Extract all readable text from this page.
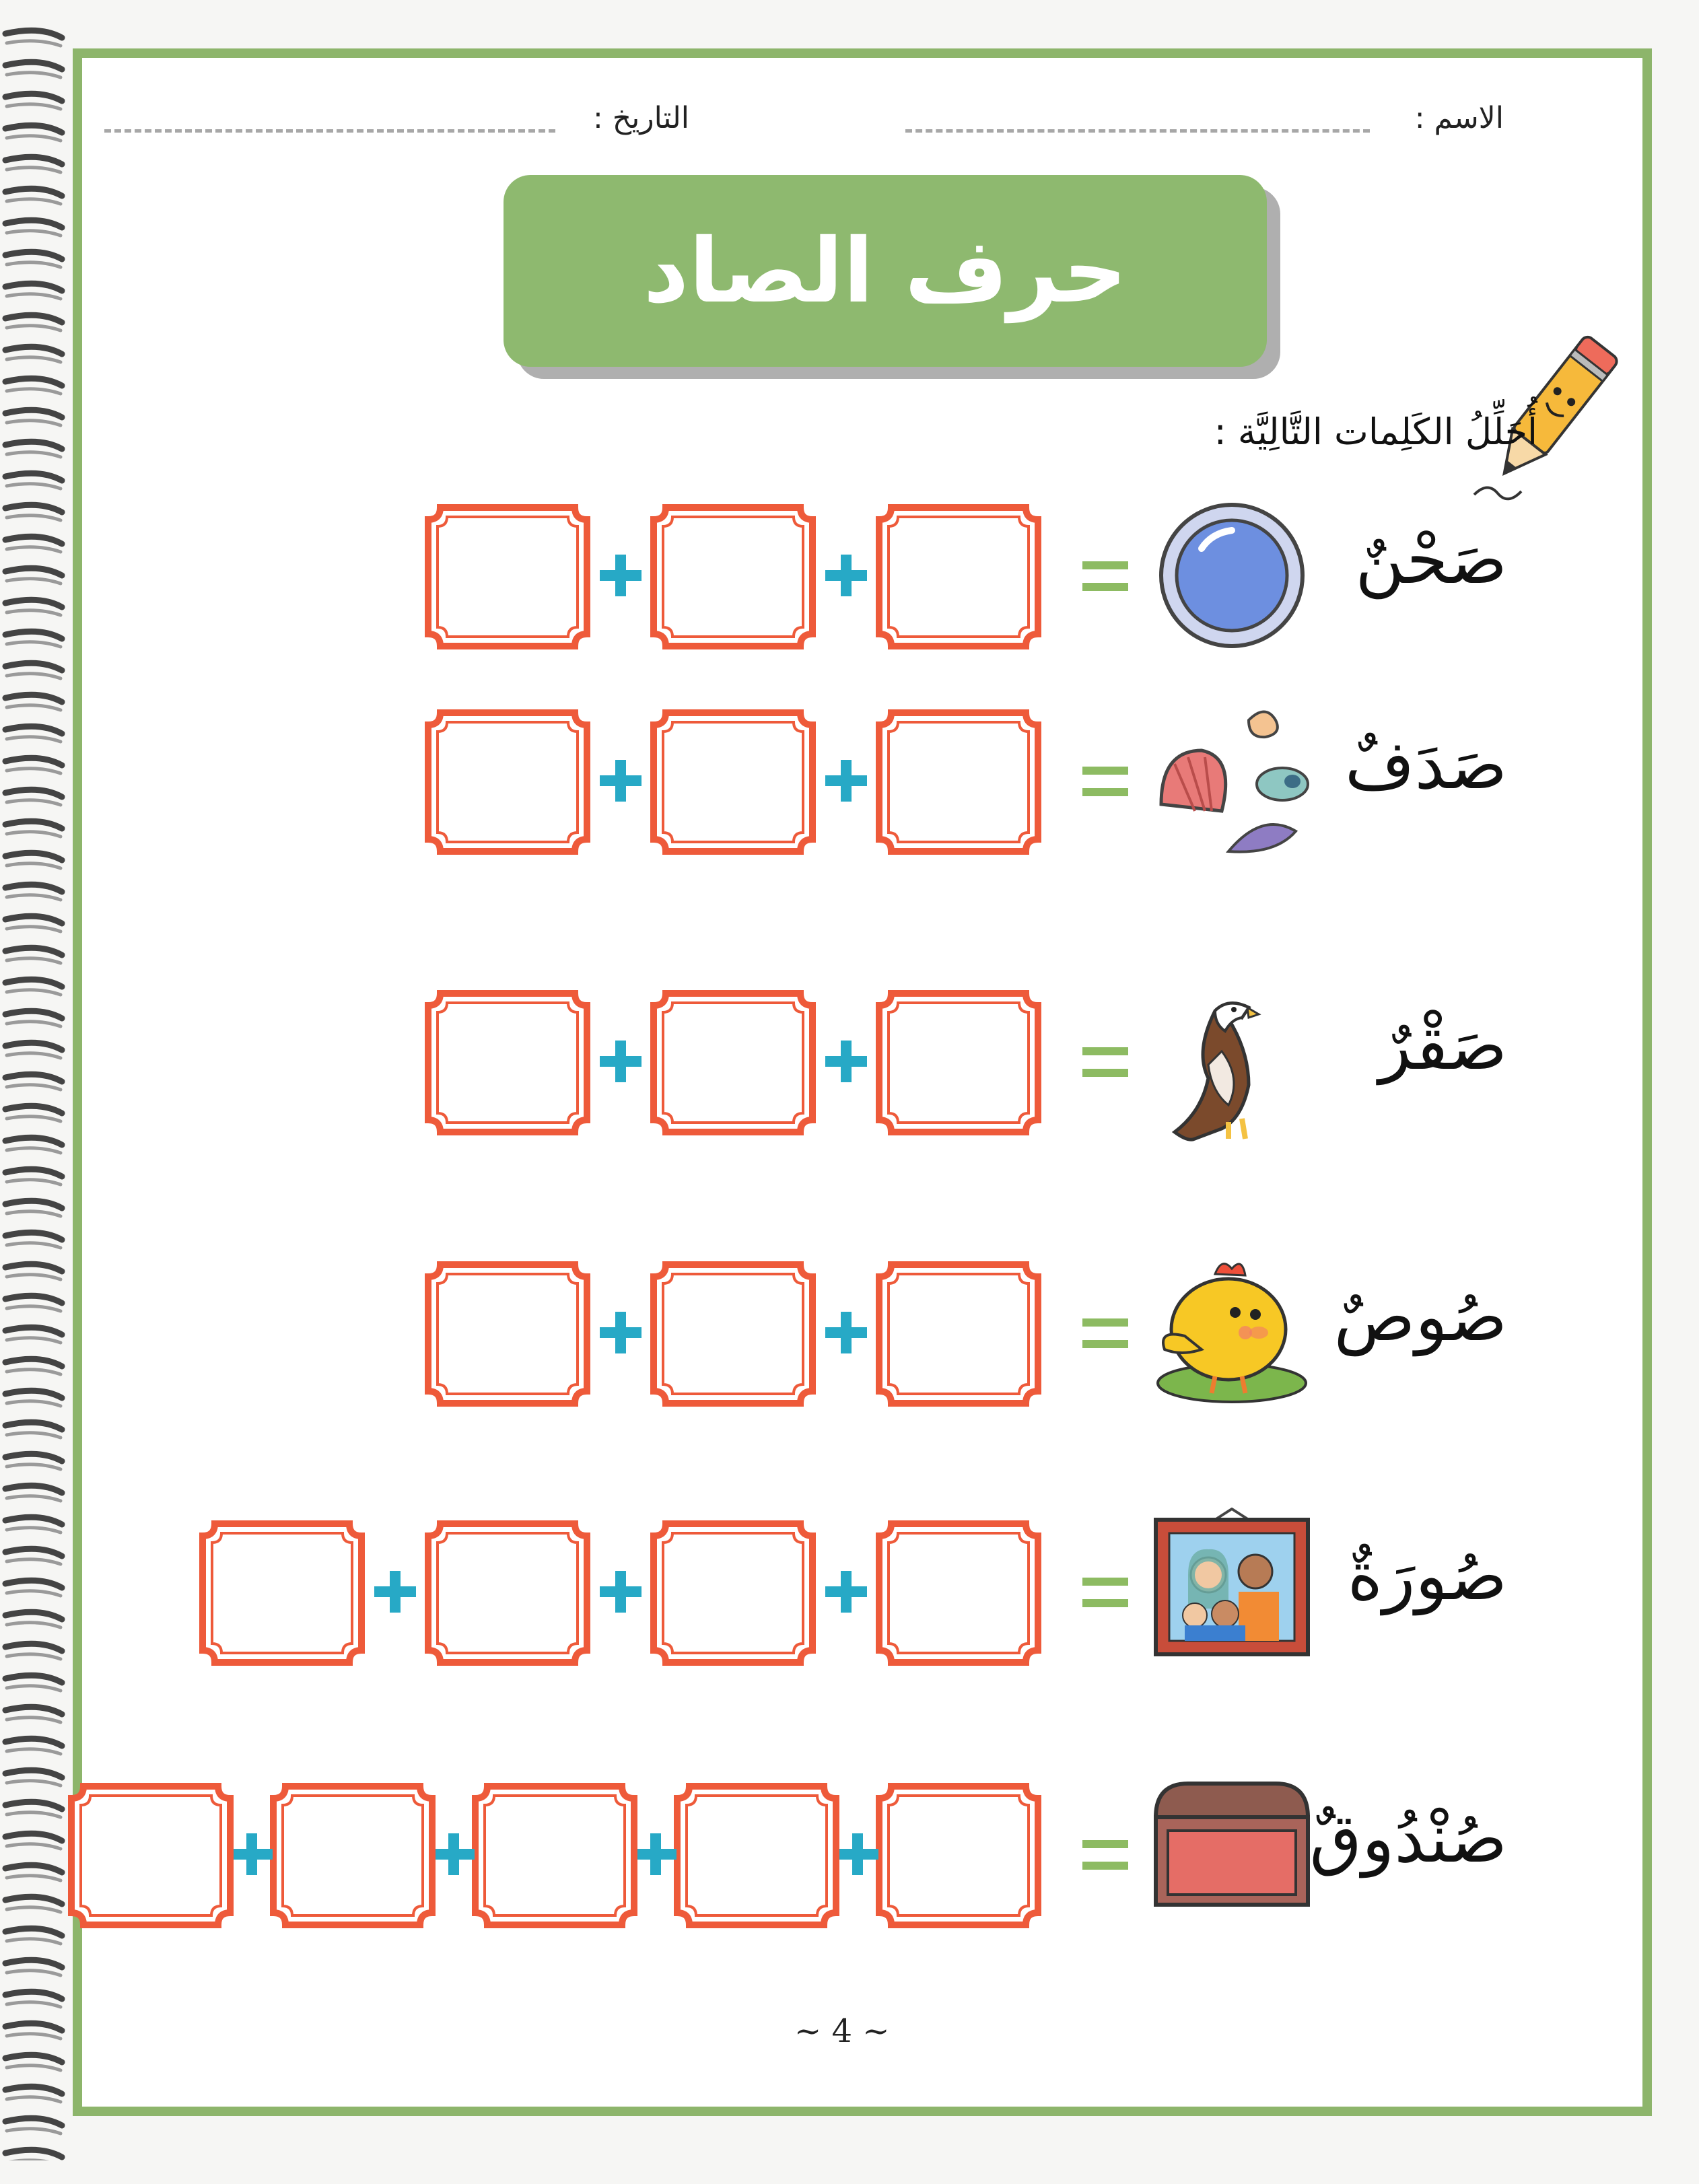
الاسم :
التاريخ :
حرف الصاد
أُحَلِّلُ الكَلِمات التَّالِيَّة :
صَحْنٌ
صَدَفٌ
صَقْرٌ
صُوصٌ
صُورَةٌ
صُنْدُوقٌ
~ 4 ~
